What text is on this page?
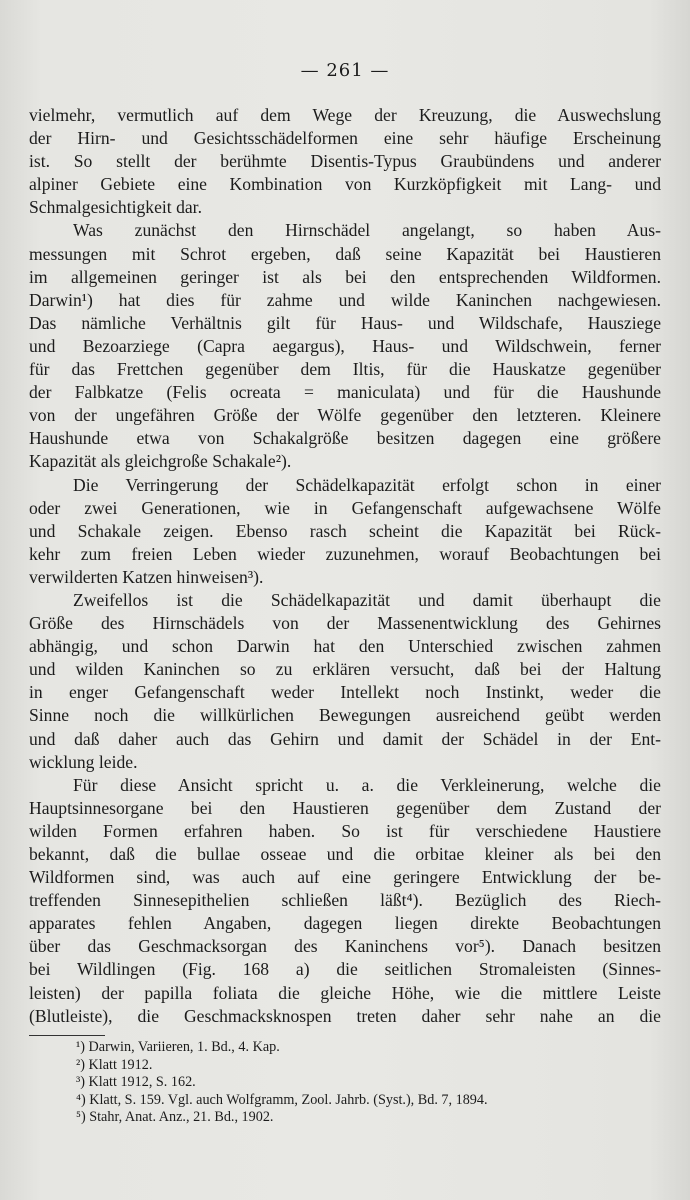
— 261 —
vielmehr, vermutlich auf dem Wege der Kreuzung, die Auswechslung
der Hirn- und Gesichtsschädelformen eine sehr häufige Erscheinung
ist. So stellt der berühmte Disentis-Typus Graubündens und anderer
alpiner Gebiete eine Kombination von Kurzköpfigkeit mit Lang- und
Schmalgesichtigkeit dar.
Was zunächst den Hirnschädel angelangt, so haben Aus-
messungen mit Schrot ergeben, daß seine Kapazität bei Haustieren
im allgemeinen geringer ist als bei den entsprechenden Wildformen.
Darwin¹) hat dies für zahme und wilde Kaninchen nachgewiesen.
Das nämliche Verhältnis gilt für Haus- und Wildschafe, Hausziege
und Bezoarziege (Capra aegargus), Haus- und Wildschwein, ferner
für das Frettchen gegenüber dem Iltis, für die Hauskatze gegenüber
der Falbkatze (Felis ocreata = maniculata) und für die Haushunde
von der ungefähren Größe der Wölfe gegenüber den letzteren. Kleinere
Haushunde etwa von Schakalgröße besitzen dagegen eine größere
Kapazität als gleichgroße Schakale²).
Die Verringerung der Schädelkapazität erfolgt schon in einer
oder zwei Generationen, wie in Gefangenschaft aufgewachsene Wölfe
und Schakale zeigen. Ebenso rasch scheint die Kapazität bei Rück-
kehr zum freien Leben wieder zuzunehmen, worauf Beobachtungen bei
verwilderten Katzen hinweisen³).
Zweifellos ist die Schädelkapazität und damit überhaupt die
Größe des Hirnschädels von der Massenentwicklung des Gehirnes
abhängig, und schon Darwin hat den Unterschied zwischen zahmen
und wilden Kaninchen so zu erklären versucht, daß bei der Haltung
in enger Gefangenschaft weder Intellekt noch Instinkt, weder die
Sinne noch die willkürlichen Bewegungen ausreichend geübt werden
und daß daher auch das Gehirn und damit der Schädel in der Ent-
wicklung leide.
Für diese Ansicht spricht u. a. die Verkleinerung, welche die
Hauptsinnesorgane bei den Haustieren gegenüber dem Zustand der
wilden Formen erfahren haben. So ist für verschiedene Haustiere
bekannt, daß die bullae osseae und die orbitae kleiner als bei den
Wildformen sind, was auch auf eine geringere Entwicklung der be-
treffenden Sinnesepithelien schließen läßt⁴). Bezüglich des Riech-
apparates fehlen Angaben, dagegen liegen direkte Beobachtungen
über das Geschmacksorgan des Kaninchens vor⁵). Danach besitzen
bei Wildlingen (Fig. 168 a) die seitlichen Stromaleisten (Sinnes-
leisten) der papilla foliata die gleiche Höhe, wie die mittlere Leiste
(Blutleiste), die Geschmacksknospen treten daher sehr nahe an die
¹) Darwin, Variieren, 1. Bd., 4. Kap.
²) Klatt 1912.
³) Klatt 1912, S. 162.
⁴) Klatt, S. 159. Vgl. auch Wolfgramm, Zool. Jahrb. (Syst.), Bd. 7, 1894.
⁵) Stahr, Anat. Anz., 21. Bd., 1902.
